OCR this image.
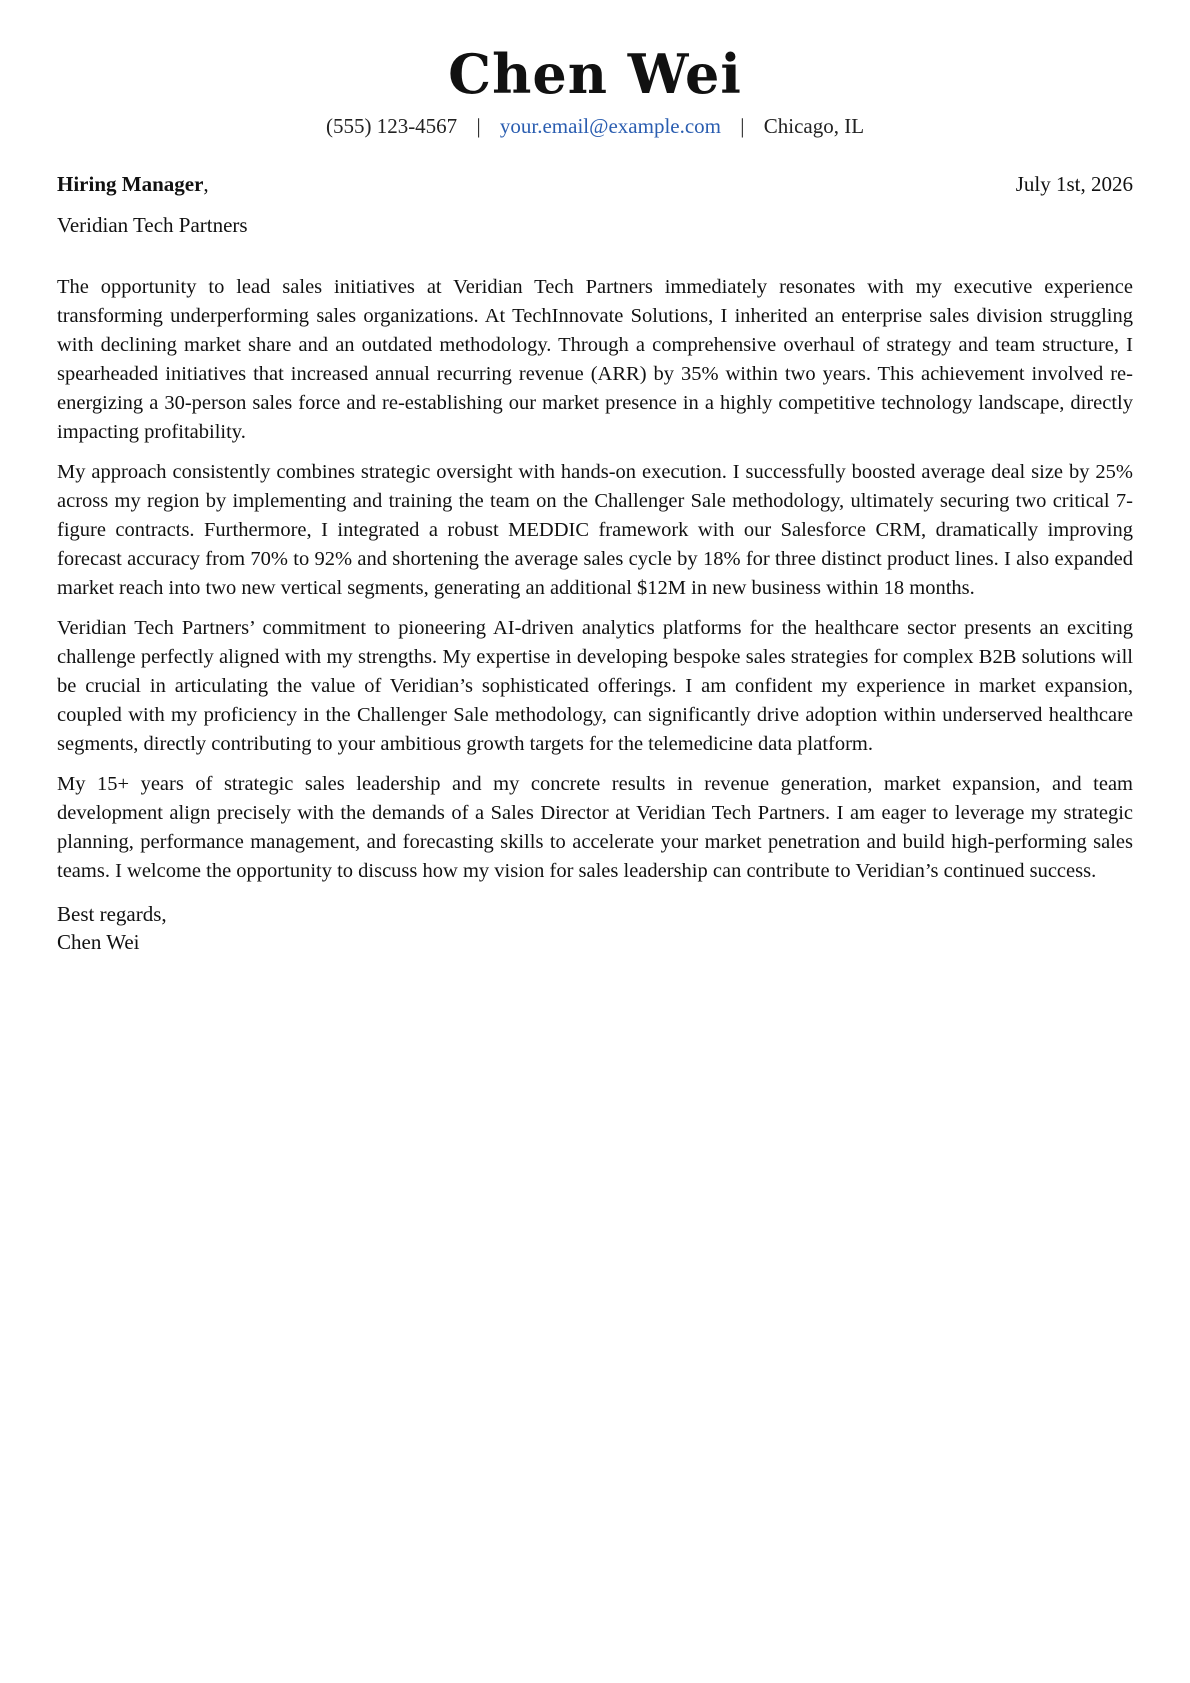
Chen Wei
(555) 123-4567 | your.email@example.com | Chicago, IL
Hiring Manager,	July 1st, 2026
Veridian Tech Partners

The opportunity to lead sales initiatives at Veridian Tech Partners immediately resonates with my executive experience transforming underperforming sales organizations. At TechInnovate Solutions, I inherited an enterprise sales division struggling with declining market share and an outdated methodology. Through a comprehensive overhaul of strategy and team structure, I spearheaded initiatives that increased annual recurring revenue (ARR) by 35% within two years. This achievement involved re-energizing a 30-person sales force and re-establishing our market presence in a highly competitive technology landscape, directly impacting profitability.

My approach consistently combines strategic oversight with hands-on execution. I successfully boosted average deal size by 25% across my region by implementing and training the team on the Challenger Sale methodology, ultimately securing two critical 7-figure contracts. Furthermore, I integrated a robust MEDDIC framework with our Salesforce CRM, dramatically improving forecast accuracy from 70% to 92% and shortening the average sales cycle by 18% for three distinct product lines. I also expanded market reach into two new vertical segments, generating an additional $12M in new business within 18 months.

Veridian Tech Partners’ commitment to pioneering AI-driven analytics platforms for the healthcare sector presents an exciting challenge perfectly aligned with my strengths. My expertise in developing bespoke sales strategies for complex B2B solutions will be crucial in articulating the value of Veridian’s sophisticated offerings. I am confident my experience in market expansion, coupled with my proficiency in the Challenger Sale methodology, can significantly drive adoption within underserved healthcare segments, directly contributing to your ambitious growth targets for the telemedicine data platform.

My 15+ years of strategic sales leadership and my concrete results in revenue generation, market expansion, and team development align precisely with the demands of a Sales Director at Veridian Tech Partners. I am eager to leverage my strategic planning, performance management, and forecasting skills to accelerate your market penetration and build high-performing sales teams. I welcome the opportunity to discuss how my vision for sales leadership can contribute to Veridian’s continued success.

Best regards,
Chen Wei
